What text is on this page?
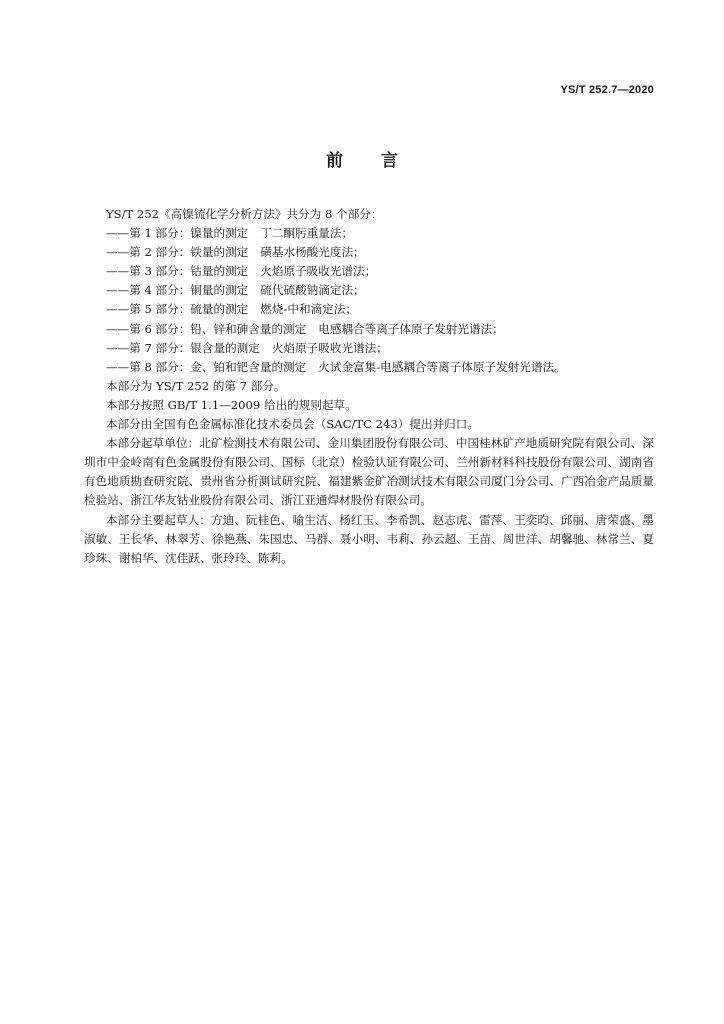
YS/T 252.7—2020
前言

YS/T 252《高镍锍化学分析方法》共分为 8 个部分：

——第 1 部分：镍量的测定 丁二酮肟重量法；

——第 2 部分：铁量的测定 磺基水杨酸光度法；

——第 3 部分：钴量的测定 火焰原子吸收光谱法；

——第 4 部分：铜量的测定 硫代硫酸钠滴定法；

——第 5 部分：硫量的测定 燃烧-中和滴定法；

——第 6 部分：铅、锌和砷含量的测定 电感耦合等离子体原子发射光谱法；

——第 7 部分：银含量的测定 火焰原子吸收光谱法；

——第 8 部分：金、铂和钯含量的测定 火试金富集-电感耦合等离子体原子发射光谱法。

本部分为 YS/T 252 的第 7 部分。

本部分按照 GB/T 1.1—2009 给出的规则起草。

本部分由全国有色金属标准化技术委员会（SAC/TC 243）提出并归口。

本部分起草单位：北矿检测技术有限公司、金川集团股份有限公司、中国桂林矿产地质研究院有限公司、深圳市中金岭南有色金属股份有限公司、国标（北京）检验认证有限公司、兰州新材料科技股份有限公司、湖南省有色地质勘查研究院、贵州省分析测试研究院、福建紫金矿冶测试技术有限公司厦门分公司、广西冶金产品质量检验站、浙江华友钴业股份有限公司、浙江亚通焊材股份有限公司。

本部分主要起草人：方迪、阮桂色、喻生洁、杨红玉、李希凯、赵志虎、雷萍、王奕昀、邱丽、唐荣盛、墨淑敏、王长华、林翠芳、徐艳燕、朱国忠、马群、聂小明、韦莉、孙云超、王苗、周世洋、胡馨驰、林常兰、夏珍珠、谢柏华、沈佳跃、张玲玲、陈莉。
